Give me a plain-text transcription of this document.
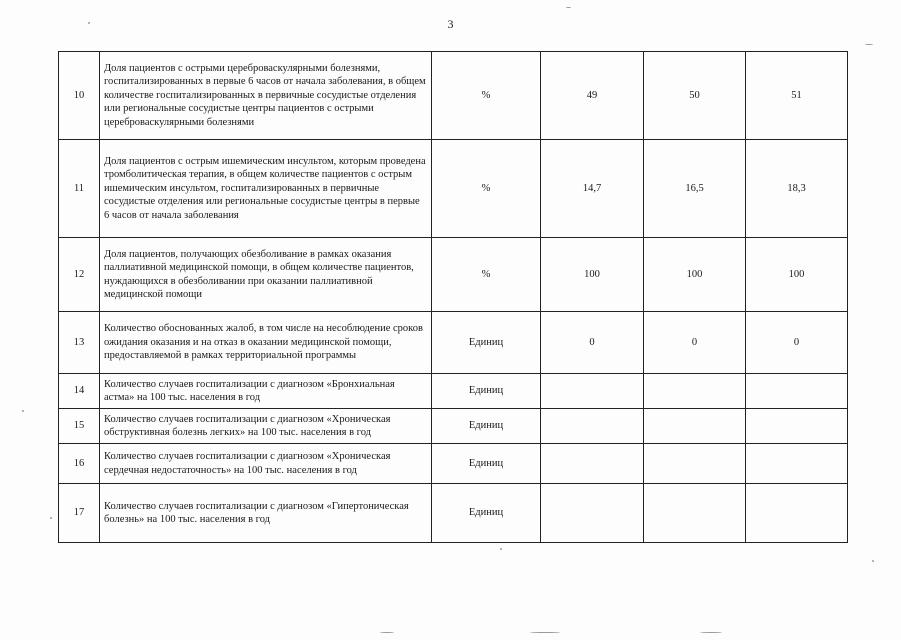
3
10	Доля пациентов с острыми цереброваскулярными болезнями, госпитализированных в первые 6 часов от начала заболевания, в общем количестве госпитализированных в первичные сосудистые отделения или региональные сосудистые центры пациентов с острыми цереброваскулярными болезнями	%	49	50	51
11	Доля пациентов с острым ишемическим инсультом, которым проведена тромболитическая терапия, в общем количестве пациентов с острым ишемическим инсультом, госпитализированных в первичные сосудистые отделения или региональные сосудистые центры в первые 6 часов от начала заболевания	%	14,7	16,5	18,3
12	Доля пациентов, получающих обезболивание в рамках оказания паллиативной медицинской помощи, в общем количестве пациентов, нуждающихся в обезболивании при оказании паллиативной медицинской помощи	%	100	100	100
13	Количество обоснованных жалоб, в том числе на несоблюдение сроков ожидания оказания и на отказ в оказании медицинской помощи, предоставляемой в рамках территориальной программы	Единиц	0	0	0
14	Количество случаев госпитализации с диагнозом «Бронхиальная астма» на 100 тыс. населения в год	Единиц			
15	Количество случаев госпитализации с диагнозом «Хроническая обструктивная болезнь легких» на 100 тыс. населения в год	Единиц			
16	Количество случаев госпитализации с диагнозом «Хроническая сердечная недостаточность» на 100 тыс. населения в год	Единиц			
17	Количество случаев госпитализации с диагнозом «Гипертоническая болезнь» на 100 тыс. населения в год	Единиц			
